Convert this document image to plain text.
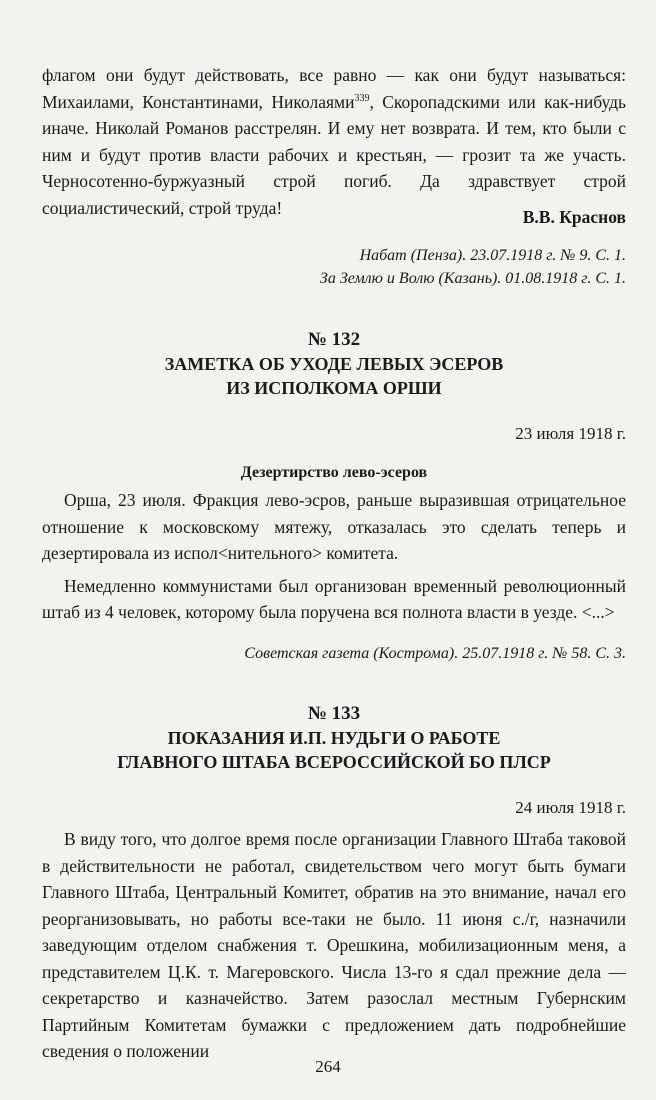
флагом они будут действовать, все равно — как они будут называться: Михаилами, Константинами, Николаями$^{339}$, Скоропадскими или как-нибудь иначе. Николай Романов расстрелян. И ему нет возврата. И тем, кто были с ним и будут против власти рабочих и крестьян, — грозит та же участь. Черносотенно-буржуазный строй погиб. Да здравствует строй социалистический, строй труда!	В.В. Краснов

Набат (Пенза). 23.07.1918 г. № 9. С. 1.

За Землю и Волю (Казань). 01.08.1918 г. С. 1.

№ 132

ЗАМЕТКА ОБ УХОДЕ ЛЕВЫХ ЭСЕРОВ

ИЗ ИСПОЛКОМА ОРШИ

23 июля 1918 г.

Дезертирство лево-эсеров

Орша, 23 июля. Фракция лево-эсров, раньше выразившая отрицательное отношение к московскому мятежу, отказалась это сделать теперь и дезертировала из испол<нительного> комитета.

Немедленно коммунистами был организован временный революционный штаб из 4 человек, которому была поручена вся полнота власти в уезде. <...>

Советская газета (Кострома). 25.07.1918 г. № 58. С. 3.

№ 133

ПОКАЗАНИЯ И.П. НУДЬГИ О РАБОТЕ

ГЛАВНОГО ШТАБА ВСЕРОССИЙСКОЙ БО ПЛСР

24 июля 1918 г.

В виду того, что долгое время после организации Главного Штаба таковой в действительности не работал, свидетельством чего могут быть бумаги Главного Штаба, Центральный Комитет, обратив на это внимание, начал его реорганизовывать, но работы все-таки не было. 11 июня с./г, назначили заведующим отделом снабжения т. Орешкина, мобилизационным меня, а представителем Ц.К. т. Магеровского. Числа 13-го я сдал прежние дела — секретарство и казначейство. Затем разослал местным Губернским Партийным Комитетам бумажки с предложением дать подробнейшие сведения о положении

264
